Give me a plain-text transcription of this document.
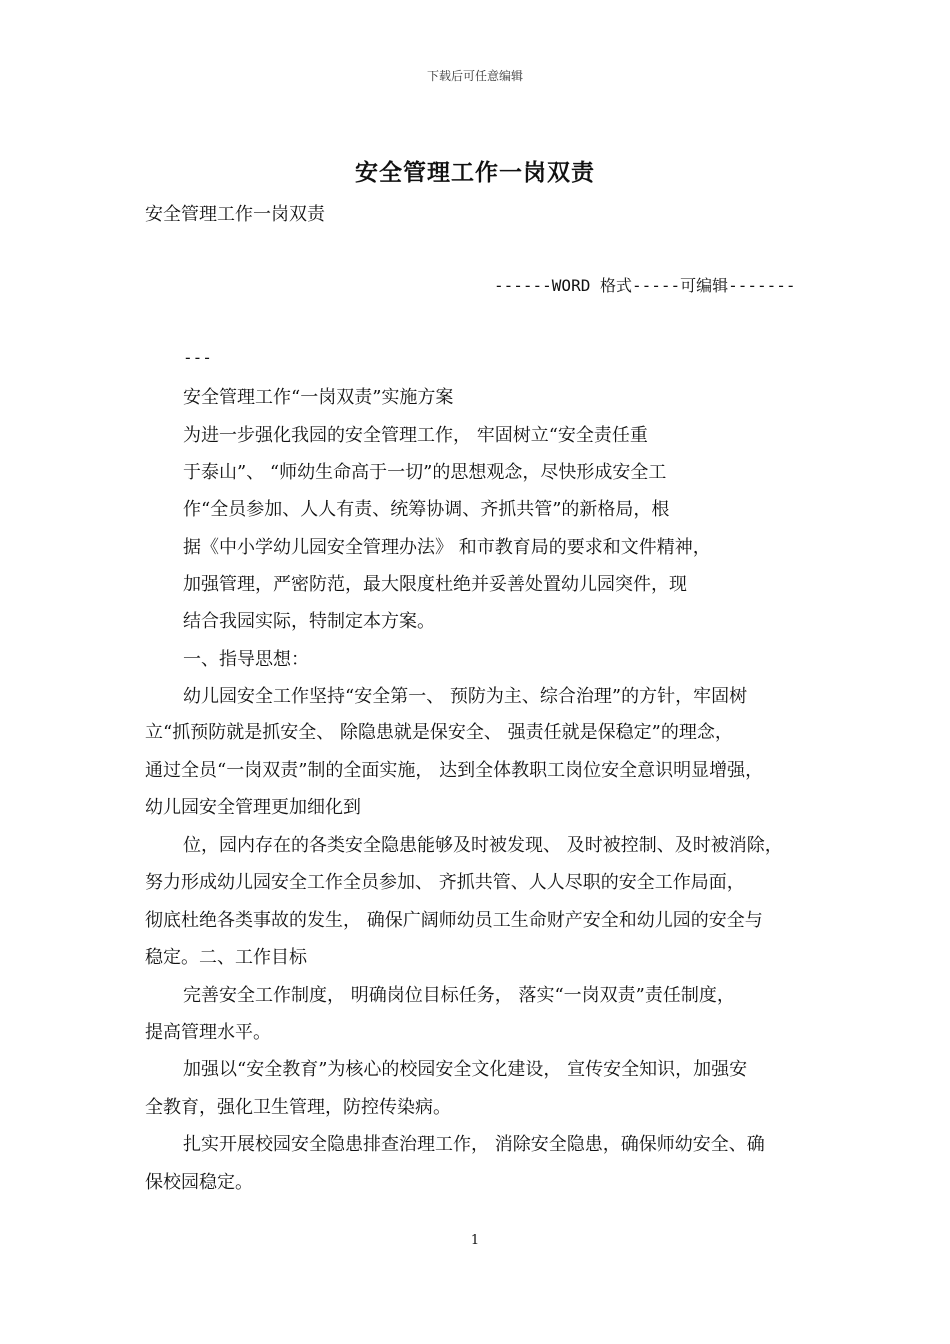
下载后可任意编辑
安全管理工作一岗双责
安全管理工作一岗双责
------WORD 格式-----可编辑-------
---
安全管理工作“一岗双责”实施方案
为进一步强化我园的安全管理工作， 牢固树立“安全责任重
于泰山”、 “师幼生命高于一切”的思想观念，尽快形成安全工
作“全员参加、人人有责、统筹协调、齐抓共管”的新格局，根
据《中小学幼儿园安全管理办法》 和市教育局的要求和文件精神，
加强管理，严密防范，最大限度杜绝并妥善处置幼儿园突件，现
结合我园实际，特制定本方案。
一、指导思想：
幼儿园安全工作坚持“安全第一、 预防为主、综合治理”的方针，牢固树
立“抓预防就是抓安全、 除隐患就是保安全、 强责任就是保稳定”的理念，
通过全员“一岗双责”制的全面实施， 达到全体教职工岗位安全意识明显增强，
幼儿园安全管理更加细化到
位，园内存在的各类安全隐患能够及时被发现、 及时被控制、及时被消除，
努力形成幼儿园安全工作全员参加、 齐抓共管、人人尽职的安全工作局面，
彻底杜绝各类事故的发生， 确保广阔师幼员工生命财产安全和幼儿园的安全与
稳定。二、工作目标
完善安全工作制度， 明确岗位目标任务， 落实“一岗双责”责任制度，
提高管理水平。
加强以“安全教育”为核心的校园安全文化建设， 宣传安全知识，加强安
全教育，强化卫生管理，防控传染病。
扎实开展校园安全隐患排查治理工作， 消除安全隐患，确保师幼安全、确
保校园稳定。
1
